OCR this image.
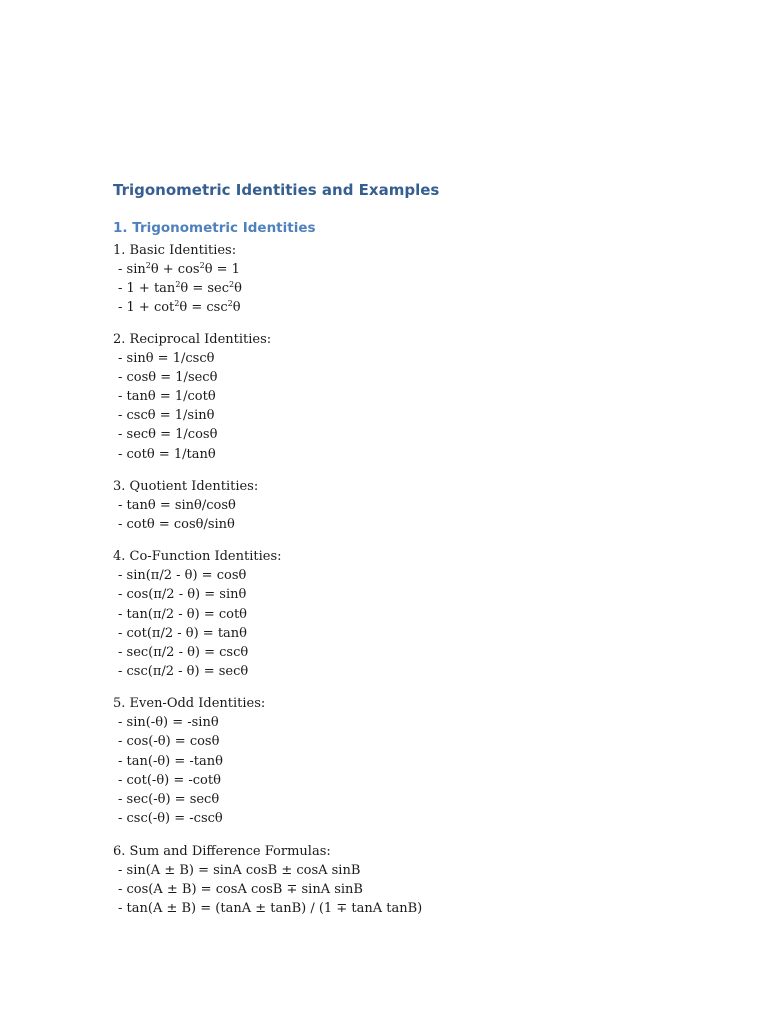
Trigonometric Identities and Examples
1. Trigonometric Identities

1. Basic Identities:

- $\sin^2\theta + \cos^2\theta = 1$

- $1 + \tan^2\theta = \sec^2\theta$

- $1 + \cot^2\theta = \csc^2\theta$

2. Reciprocal Identities:

- sinθ = 1/cscθ

- cosθ = 1/secθ

- tanθ = 1/cotθ

- cscθ = 1/sinθ

- secθ = 1/cosθ

- cotθ = 1/tanθ

3. Quotient Identities:

- tanθ = sinθ/cosθ

- cotθ = cosθ/sinθ

4. Co-Function Identities:

- sin(π/2 - θ) = cosθ

- cos(π/2 - θ) = sinθ

- tan(π/2 - θ) = cotθ

- cot(π/2 - θ) = tanθ

- sec(π/2 - θ) = cscθ

- csc(π/2 - θ) = secθ

5. Even-Odd Identities:

- sin(-θ) = -sinθ

- cos(-θ) = cosθ

- tan(-θ) = -tanθ

- cot(-θ) = -cotθ

- sec(-θ) = secθ

- csc(-θ) = -cscθ

6. Sum and Difference Formulas:

- sin(A ± B) = sinA cosB ± cosA sinB

- cos(A ± B) = cosA cosB ∓ sinA sinB

- tan(A ± B) = (tanA ± tanB) / (1 ∓ tanA tanB)
